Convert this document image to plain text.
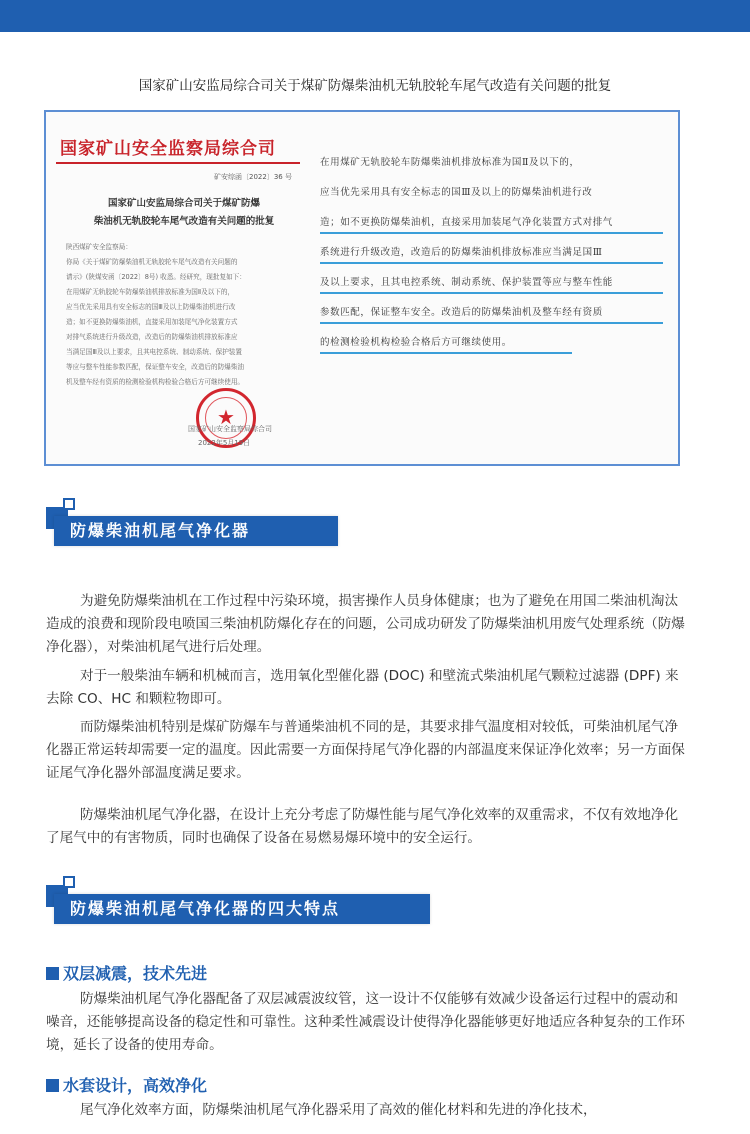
国家矿山安监局综合司关于煤矿防爆柴油机无轨胶轮车尾气改造有关问题的批复
国家矿山安全监察局综合司
矿安综函〔2022〕36 号
国家矿山安监局综合司关于煤矿防爆
柴油机无轨胶轮车尾气改造有关问题的批复

陕西煤矿安全监察局：

你局《关于煤矿防爆柴油机无轨胶轮车尾气改造有关问题的

请示》(陕煤安函〔2022〕8号) 收悉。经研究，现批复如下：

在用煤矿无轨胶轮车防爆柴油机排放标准为国Ⅱ及以下的，

应当优先采用具有安全标志的国Ⅲ及以上防爆柴油机进行改

造；如不更换防爆柴油机，直接采用加装尾气净化装置方式

对排气系统进行升级改造，改造后的防爆柴油机排放标准应

当满足国Ⅲ及以上要求，且其电控系统、制动系统、保护装置

等应与整车性能参数匹配，保证整车安全，改造后的防爆柴油

机及整车经有资质的检测检验机构检验合格后方可继续使用。

★
国家矿山安全监察局综合司
2022年5月19日
在用煤矿无轨胶轮车防爆柴油机排放标准为国Ⅱ及以下的，
应当优先采用具有安全标志的国Ⅲ及以上的防爆柴油机进行改
造；如不更换防爆柴油机，直接采用加装尾气净化装置方式对排气
系统进行升级改造，改造后的防爆柴油机排放标准应当满足国Ⅲ
及以上要求，且其电控系统、制动系统、保护装置等应与整车性能
参数匹配，保证整车安全。改造后的防爆柴油机及整车经有资质
的检测检验机构检验合格后方可继续使用。
防爆柴油机尾气净化器

为避免防爆柴油机在工作过程中污染环境，损害操作人员身体健康；也为了避免在用国二柴油机淘汰造成的浪费和现阶段电喷国三柴油机防爆化存在的问题，公司成功研发了防爆柴油机用废气处理系统（防爆净化器），对柴油机尾气进行后处理。

对于一般柴油车辆和机械而言，选用氧化型催化器 (DOC) 和壁流式柴油机尾气颗粒过滤器 (DPF) 来去除 CO、HC 和颗粒物即可。

而防爆柴油机特别是煤矿防爆车与普通柴油机不同的是，其要求排气温度相对较低，可柴油机尾气净化器正常运转却需要一定的温度。因此需要一方面保持尾气净化器的内部温度来保证净化效率；另一方面保证尾气净化器外部温度满足要求。

防爆柴油机尾气净化器，在设计上充分考虑了防爆性能与尾气净化效率的双重需求，不仅有效地净化了尾气中的有害物质，同时也确保了设备在易燃易爆环境中的安全运行。

防爆柴油机尾气净化器的四大特点
双层减震，技术先进

防爆柴油机尾气净化器配备了双层减震波纹管，这一设计不仅能够有效减少设备运行过程中的震动和噪音，还能够提高设备的稳定性和可靠性。这种柔性减震设计使得净化器能够更好地适应各种复杂的工作环境，延长了设备的使用寿命。

水套设计，高效净化

尾气净化效率方面，防爆柴油机尾气净化器采用了高效的催化材料和先进的净化技术，
